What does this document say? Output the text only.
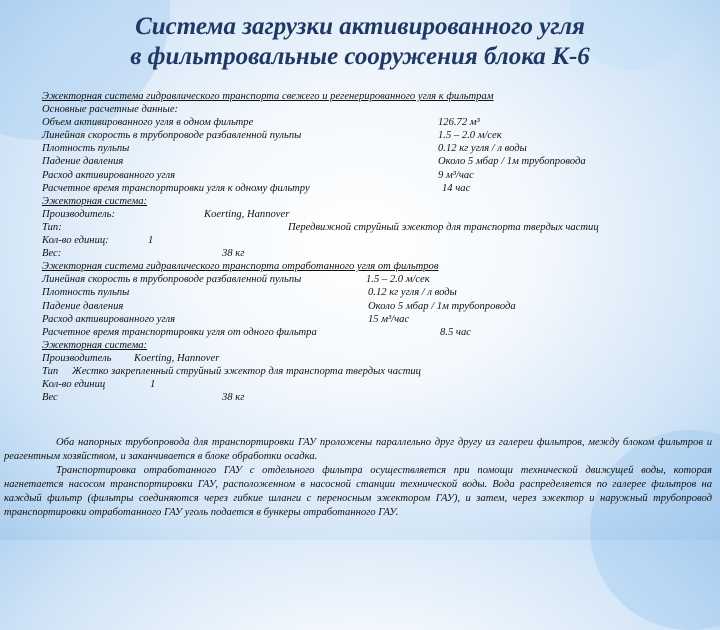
Система загрузки активированного угля
в фильтровальные сооружения блока К-6
Эжекторная система гидравлического транспорта свежего и регенерированного угля к фильтрам
Основные расчетные данные:
Объем активированного угля в одном фильтре	126.72 м³
Линейная скорость в трубопроводе разбавленной пульпы	1.5 – 2.0 м/сек
Плотность пульпы	0.12 кг угля / л воды
Падение давления	Около 5 мбар / 1м трубопровода
Расход активированного угля	9 м³/час
Расчетное время транспортировки угля к одному фильтру	14 час
Эжекторная система:
Производитель:	Koerting, Hannover
Тип:	Передвижной струйный эжектор для транспорта твердых частиц
Кол-во единиц:	1
Вес:	38 кг
Эжекторная система гидравлического транспорта отработанного угля от фильтров
Линейная скорость в трубопроводе разбавленной пульпы	1.5 – 2.0 м/сек
Плотность пульпы	0.12 кг угля / л воды
Падение давления	Около 5 мбар / 1м трубопровода
Расход активированного угля	15 м³/час
Расчетное время транспортировки угля от одного фильтра	8.5 час
Эжекторная система:
Производитель Koerting, Hannover
Тип Жестко закрепленный струйный эжектор для транспорта твердых частиц
Кол-во единиц	1
Вес	38 кг

Оба напорных трубопровода для транспортировки ГАУ проложены параллельно друг другу из галереи фильтров, между блоком фильтров и реагентным хозяйством, и заканчивается в блоке обработки осадка.

Транспортировка отработанного ГАУ с отдельного фильтра осуществляется при помощи технической движущей воды, которая нагнетается насосом транспортировки ГАУ, расположенном в насосной станции технической воды. Вода распределяется по галерее фильтров на каждый фильтр (фильтры соединяются через гибкие шланги с переносным эжектором ГАУ), и затем, через эжектор и наружный трубопровод транспортировки отработанного ГАУ уголь подается в бункеры отработанного ГАУ.
